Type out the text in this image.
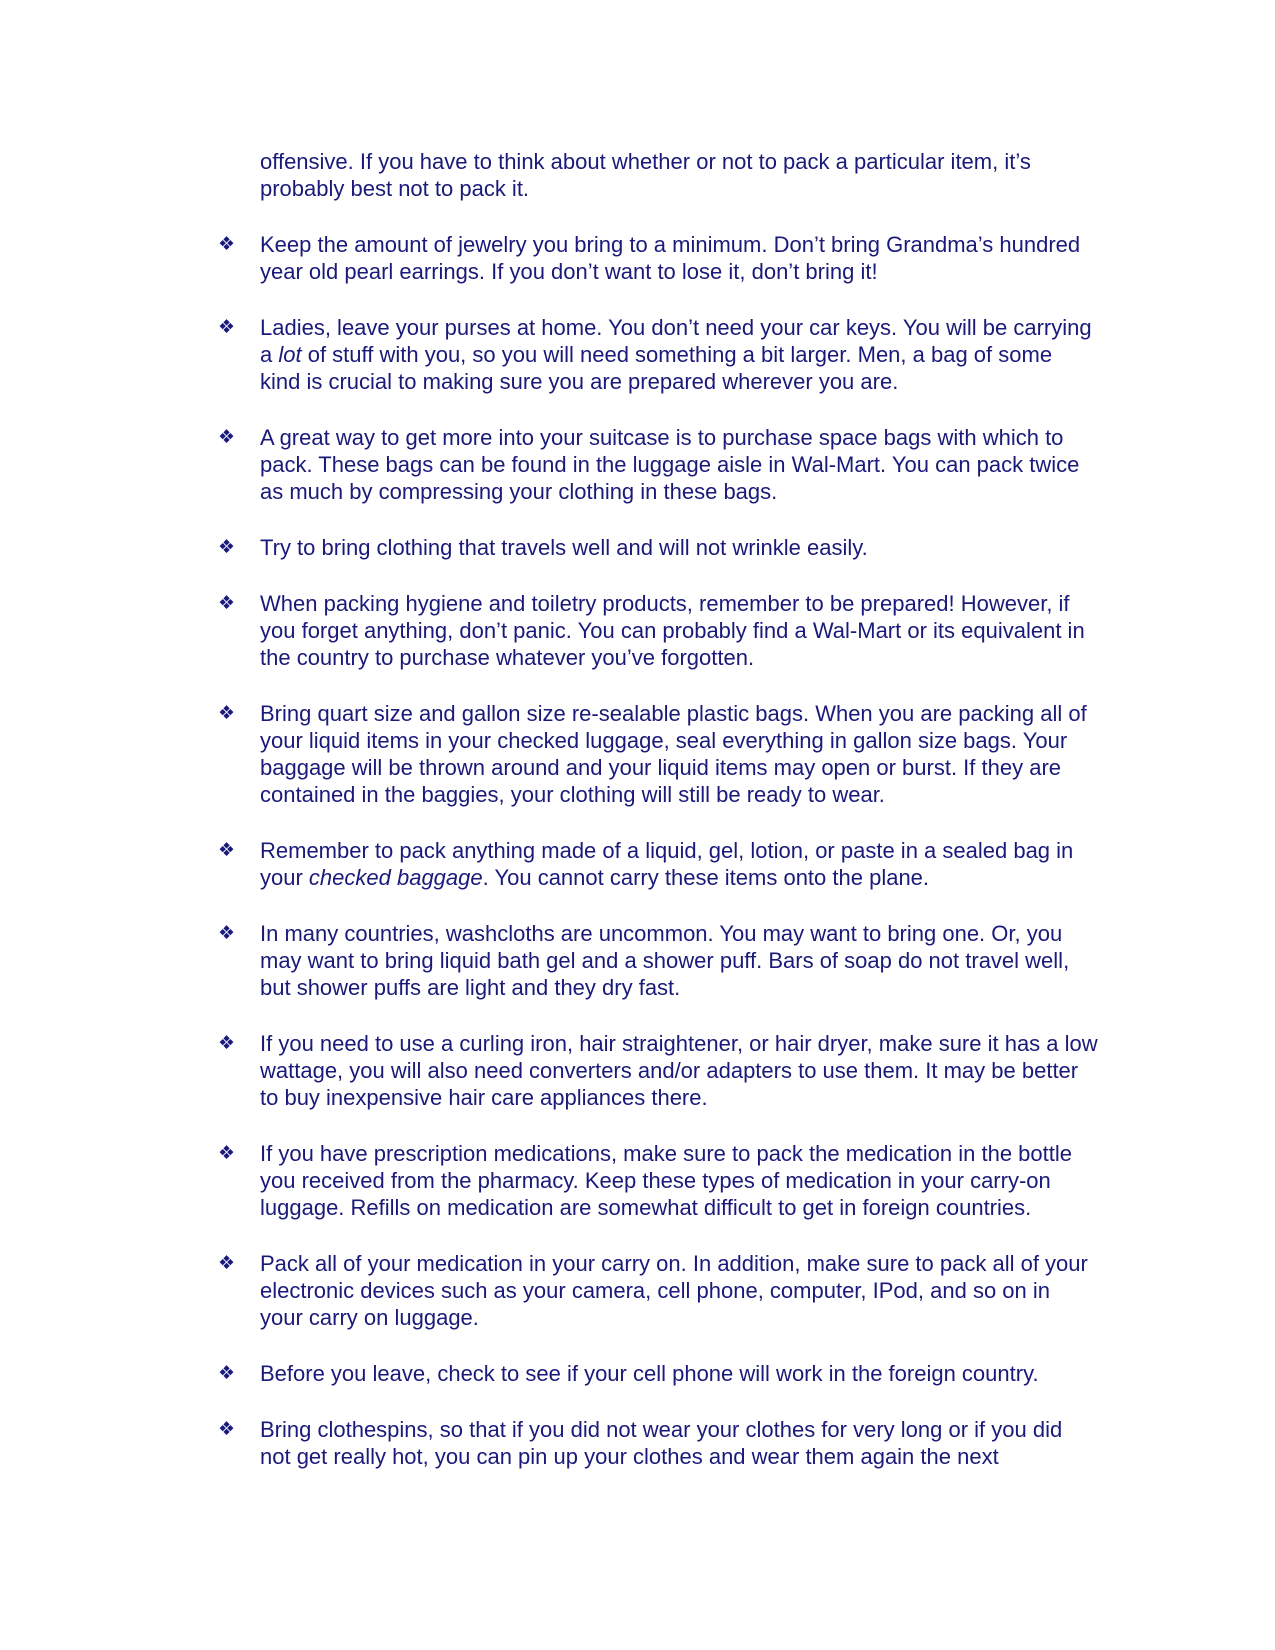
offensive. If you have to think about whether or not to pack a particular item, it’s probably best not to pack it.

❖	Keep the amount of jewelry you bring to a minimum. Don’t bring Grandma’s hundred year old pearl earrings. If you don’t want to lose it, don’t bring it!
❖	Ladies, leave your purses at home. You don’t need your car keys. You will be carrying a lot of stuff with you, so you will need something a bit larger. Men, a bag of some kind is crucial to making sure you are prepared wherever you are.
❖	A great way to get more into your suitcase is to purchase space bags with which to pack. These bags can be found in the luggage aisle in Wal-Mart. You can pack twice as much by compressing your clothing in these bags.
❖	Try to bring clothing that travels well and will not wrinkle easily.
❖	When packing hygiene and toiletry products, remember to be prepared! However, if you forget anything, don’t panic. You can probably find a Wal-Mart or its equivalent in the country to purchase whatever you’ve forgotten.
❖	Bring quart size and gallon size re-sealable plastic bags. When you are packing all of your liquid items in your checked luggage, seal everything in gallon size bags. Your baggage will be thrown around and your liquid items may open or burst. If they are contained in the baggies, your clothing will still be ready to wear.
❖	Remember to pack anything made of a liquid, gel, lotion, or paste in a sealed bag in your checked baggage. You cannot carry these items onto the plane.
❖	In many countries, washcloths are uncommon. You may want to bring one. Or, you may want to bring liquid bath gel and a shower puff. Bars of soap do not travel well, but shower puffs are light and they dry fast.
❖	If you need to use a curling iron, hair straightener, or hair dryer, make sure it has a low wattage, you will also need converters and/or adapters to use them. It may be better to buy inexpensive hair care appliances there.
❖	If you have prescription medications, make sure to pack the medication in the bottle you received from the pharmacy. Keep these types of medication in your carry-on luggage. Refills on medication are somewhat difficult to get in foreign countries.
❖	Pack all of your medication in your carry on. In addition, make sure to pack all of your electronic devices such as your camera, cell phone, computer, IPod, and so on in your carry on luggage.
❖	Before you leave, check to see if your cell phone will work in the foreign country.
❖	Bring clothespins, so that if you did not wear your clothes for very long or if you did not get really hot, you can pin up your clothes and wear them again the next
